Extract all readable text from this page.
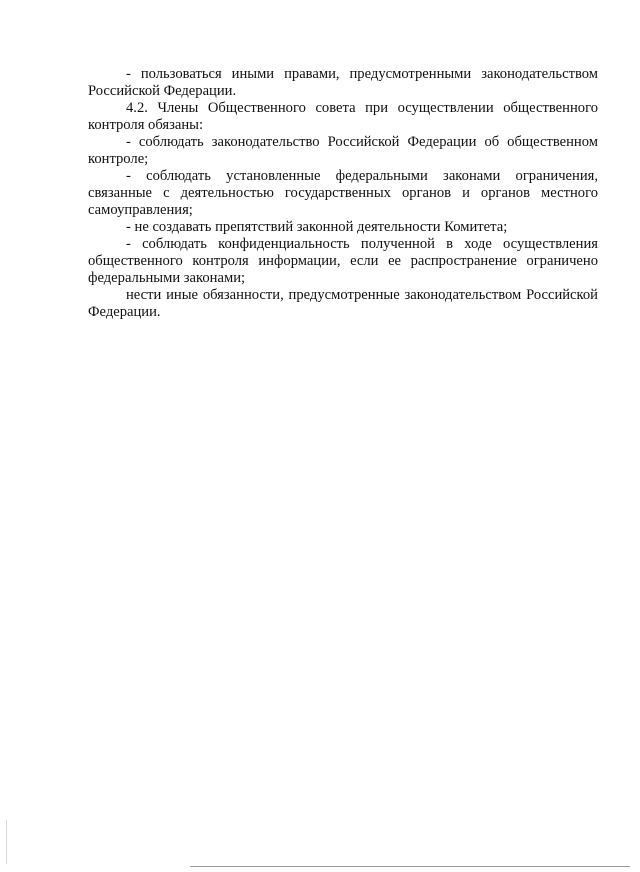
- пользоваться иными правами, предусмотренными законодательством Российской Федерации.

4.2. Члены Общественного совета при осуществлении общественного контроля обязаны:

- соблюдать законодательство Российской Федерации об общественном контроле;

- соблюдать установленные федеральными законами ограничения, связанные с деятельностью государственных органов и органов местного самоуправления;

- не создавать препятствий законной деятельности Комитета;

- соблюдать конфиденциальность полученной в ходе осуществления общественного контроля информации, если ее распространение ограничено федеральными законами;

нести иные обязанности, предусмотренные законодательством Российской Федерации.
